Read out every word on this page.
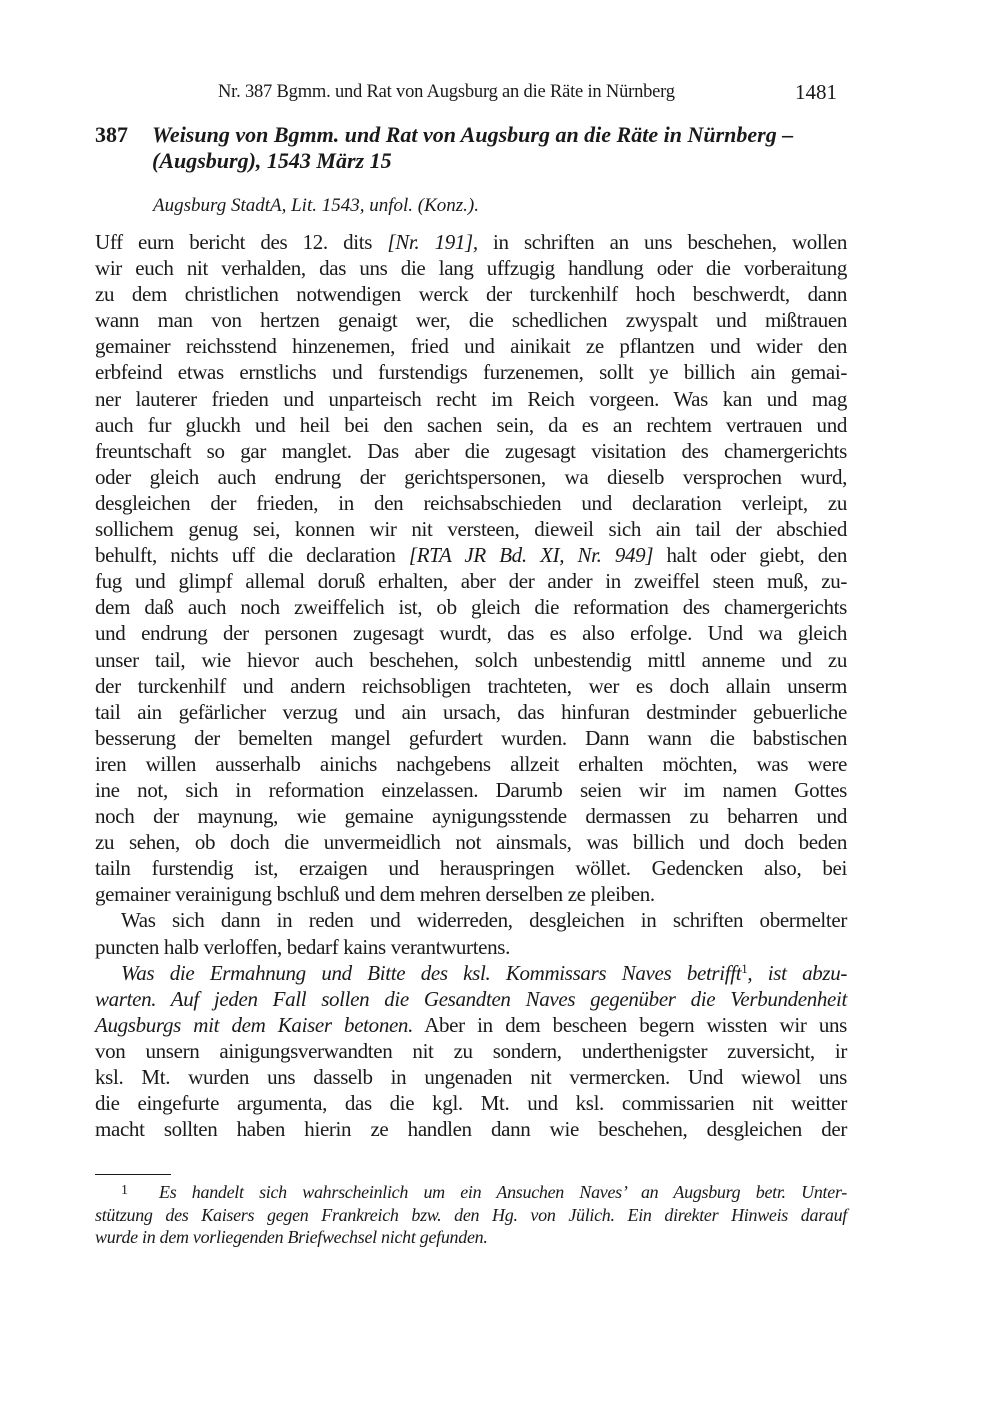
Nr. 387 Bgmm. und Rat von Augsburg an die Räte in Nürnberg	1481
387 Weisung von Bgmm. und Rat von Augsburg an die Räte in Nürnberg –
(Augsburg), 1543 März 15
Augsburg StadtA, Lit. 1543, unfol. (Konz.).
Uff eurn bericht des 12. dits [Nr. 191], in schriften an uns beschehen, wollen
wir euch nit verhalden, das uns die lang uffzugig handlung oder die vorberaitung
zu dem christlichen notwendigen werck der turckenhilf hoch beschwerdt, dann
wann man von hertzen genaigt wer, die schedlichen zwyspalt und mißtrauen
gemainer reichsstend hinzenemen, fried und ainikait ze pflantzen und wider den
erbfeind etwas ernstlichs und furstendigs furzenemen, sollt ye billich ain gemai-
ner lauterer frieden und unparteisch recht im Reich vorgeen. Was kan und mag
auch fur gluckh und heil bei den sachen sein, da es an rechtem vertrauen und
freuntschaft so gar manglet. Das aber die zugesagt visitation des chamergerichts
oder gleich auch endrung der gerichtspersonen, wa dieselb versprochen wurd,
desgleichen der frieden, in den reichsabschieden und declaration verleipt, zu
sollichem genug sei, konnen wir nit versteen, dieweil sich ain tail der abschied
behulft, nichts uff die declaration [RTA JR Bd. XI, Nr. 949] halt oder giebt, den
fug und glimpf allemal doruß erhalten, aber der ander in zweiffel steen muß, zu-
dem daß auch noch zweiffelich ist, ob gleich die reformation des chamergerichts
und endrung der personen zugesagt wurdt, das es also erfolge. Und wa gleich
unser tail, wie hievor auch beschehen, solch unbestendig mittl anneme und zu
der turckenhilf und andern reichsobligen trachteten, wer es doch allain unserm
tail ain gefärlicher verzug und ain ursach, das hinfuran destminder gebuerliche
besserung der bemelten mangel gefurdert wurden. Dann wann die babstischen
iren willen ausserhalb ainichs nachgebens allzeit erhalten möchten, was were
ine not, sich in reformation einzelassen. Darumb seien wir im namen Gottes
noch der maynung, wie gemaine aynigungsstende dermassen zu beharren und
zu sehen, ob doch die unvermeidlich not ainsmals, was billich und doch beden
tailn furstendig ist, erzaigen und herauspringen wöllet. Gedencken also, bei
gemainer verainigung bschluß und dem mehren derselben ze pleiben.
Was sich dann in reden und widerreden, desgleichen in schriften obermelter
puncten halb verloffen, bedarf kains verantwurtens.
Was die Ermahnung und Bitte des ksl. Kommissars Naves betrifft$^1$, ist abzu-
warten. Auf jeden Fall sollen die Gesandten Naves gegenüber die Verbundenheit
Augsburgs mit dem Kaiser betonen. Aber in dem bescheen begern wissten wir uns
von unsern ainigungsverwandten nit zu sondern, underthenigster zuversicht, ir
ksl. Mt. wurden uns dasselb in ungenaden nit vermercken. Und wiewol uns
die eingefurte argumenta, das die kgl. Mt. und ksl. commissarien nit weitter
macht sollten haben hierin ze handlen dann wie beschehen, desgleichen der
1 Es handelt sich wahrscheinlich um ein Ansuchen Naves’ an Augsburg betr. Unter-
stützung des Kaisers gegen Frankreich bzw. den Hg. von Jülich. Ein direkter Hinweis darauf
wurde in dem vorliegenden Briefwechsel nicht gefunden.
